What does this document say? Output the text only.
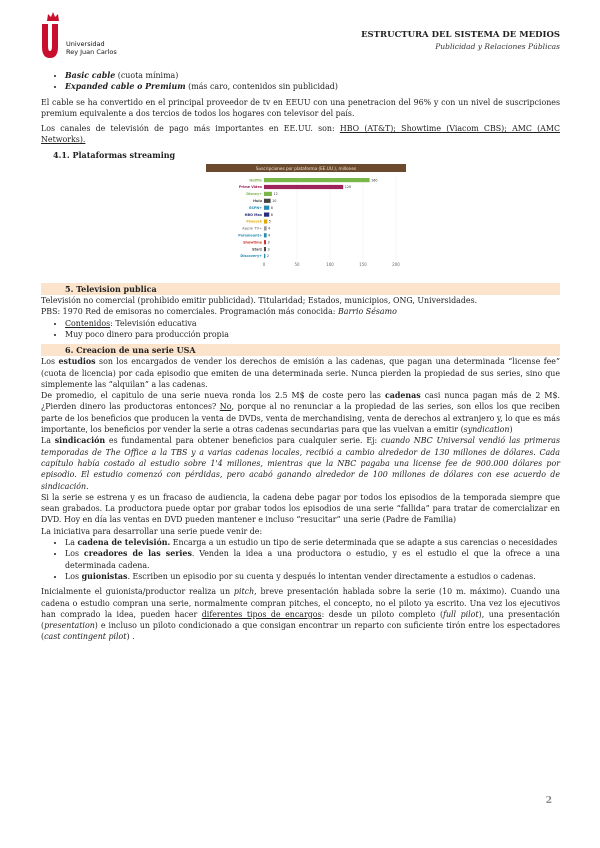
Universidad
Rey Juan Carlos
ESTRUCTURA DEL SISTEMA DE MEDIOS
Publicidad y Relaciones Públicas
• Basic cable (cuota mínima)
• Expanded cable o Premium (más caro, contenidos sin publicidad)

El cable se ha convertido en el principal proveedor de tv en EEUU con una penetracion del 96% y con un nivel de suscripciones premium equivalente a dos tercios de todos los hogares con televisor del país.

Los canales de televisión de pago más importantes en EE.UU. son: HBO (AT&T); Showtime (Viacom CBS); AMC (AMC Networks).

4.1. Plataformas streaming
Suscripciones por plataforma (EE.UU.), millones
0	50	100	150	200
Netflix	160
Prime Video	120
Disney+	12
Hulu	10
ESPN+	8
HBO Max	8
Peacock 5
Apple TV+ 4
Paramount+ 4
Showtime 3
Starz 3
Discovery+ 2
5. Television publica

Televisión no comercial (prohibido emitir publicidad). Titularidad; Estados, municipios, ONG, Universidades.

PBS: 1970 Red de emisoras no comerciales. Programación más conocida: Barrio Sésamo

• Contenidos: Televisión educativa
• Muy poco dinero para producción propia
6. Creacion de una serie USA

Los estudios son los encargados de vender los derechos de emisión a las cadenas, que pagan una determinada “license fee” (cuota de licencia) por cada episodio que emiten de una determinada serie. Nunca pierden la propiedad de sus series, sino que simplemente las “alquilan” a las cadenas.

De promedio, el capitulo de una serie nueva ronda los 2.5 M$ de coste pero las cadenas casi nunca pagan más de 2 M$. ¿Pierden dinero las productoras entonces? No, porque al no renunciar a la propiedad de las series, son ellos los que reciben parte de los beneficios que producen la venta de DVDs, venta de merchandising, venta de derechos al extranjero y, lo que es más importante, los beneficios por vender la serie a otras cadenas secundarias para que las vuelvan a emitir (syndication)

La sindicación es fundamental para obtener beneficios para cualquier serie. Ej: cuando NBC Universal vendió las primeras temporadas de The Office a la TBS y a varias cadenas locales, recibió a cambio alrededor de 130 millones de dólares. Cada capítulo había costado al estudio sobre 1'4 millones, mientras que la NBC pagaba una license fee de 900.000 dólares por episodio. El estudio comenzó con pérdidas, pero acabó ganando alrededor de 100 millones de dólares con ese acuerdo de sindicación.

Si la serie se estrena y es un fracaso de audiencia, la cadena debe pagar por todos los episodios de la temporada siempre que sean grabados. La productora puede optar por grabar todos los episodios de una serie “fallida” para tratar de comercializar en DVD. Hoy en día las ventas en DVD pueden mantener e incluso “resucitar” una serie (Padre de Familia)

La iniciativa para desarrollar una serie puede venir de:

• La cadena de televisión. Encarga a un estudio un tipo de serie determinada que se adapte a sus carencias o necesidades
• Los creadores de las series. Venden la idea a una productora o estudio, y es el estudio el que la ofrece a una determinada cadena.
• Los guionistas. Escriben un episodio por su cuenta y después lo intentan vender directamente a estudios o cadenas.

Inicialmente el guionista/productor realiza un pitch, breve presentación hablada sobre la serie (10 m. máximo). Cuando una cadena o estudio compran una serie, normalmente compran pitches, el concepto, no el piloto ya escrito. Una vez los ejecutivos han comprado la idea, pueden hacer diferentes tipos de encargos: desde un piloto completo (full pilot), una presentación (presentation) e incluso un piloto condicionado a que consigan encontrar un reparto con suficiente tirón entre los espectadores (cast contingent pilot) .

2
